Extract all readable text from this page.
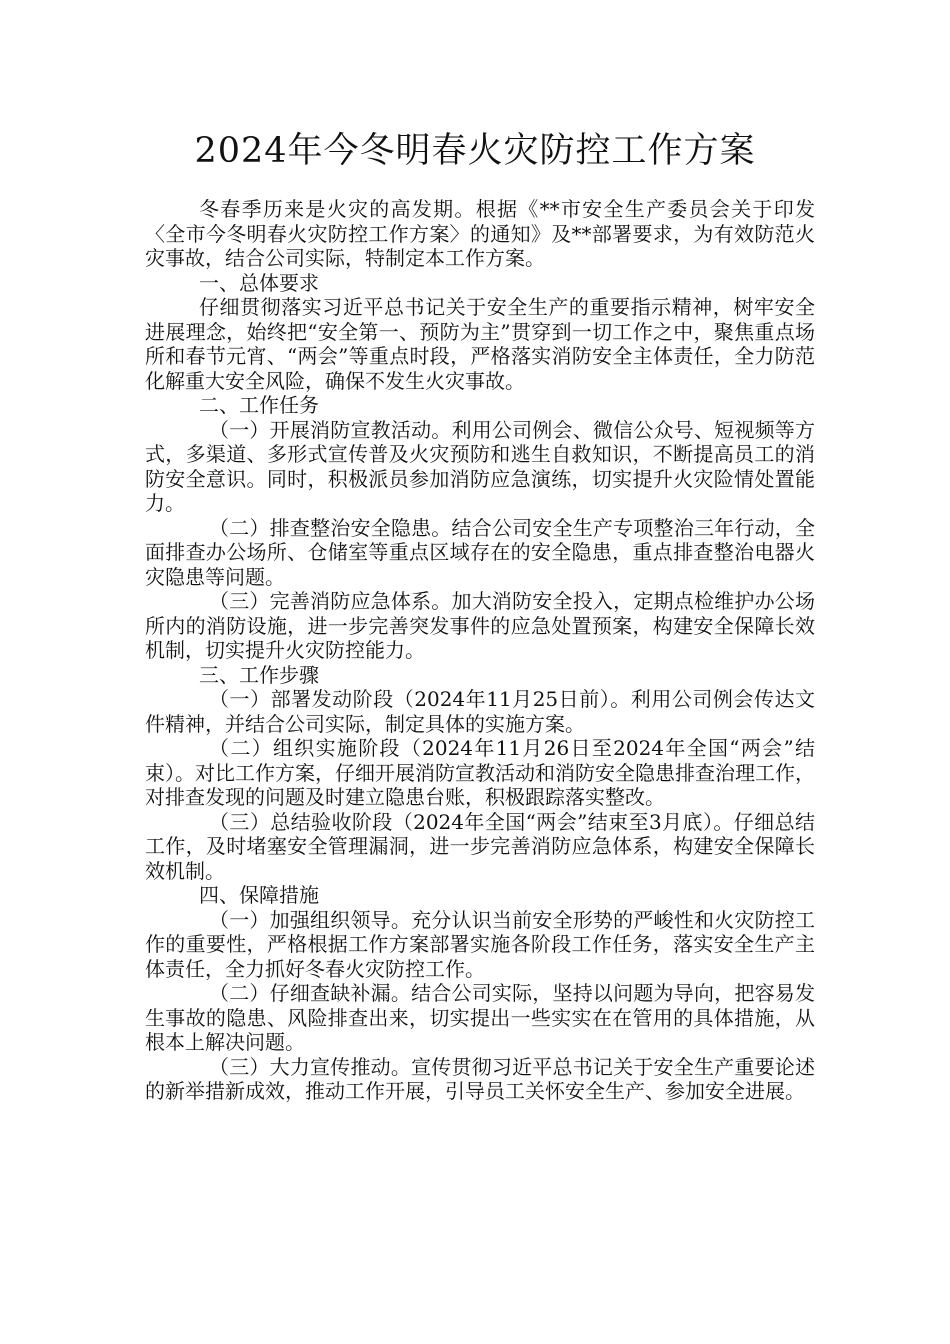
2024年今冬明春火灾防控工作方案

冬春季历来是火灾的高发期。根据《**市安全生产委员会关于印发〈全市今冬明春火灾防控工作方案〉的通知》及**部署要求，为有效防范火灾事故，结合公司实际，特制定本工作方案。

一、总体要求

仔细贯彻落实习近平总书记关于安全生产的重要指示精神，树牢安全进展理念，始终把“安全第一、预防为主”贯穿到一切工作之中，聚焦重点场所和春节元宵、“两会”等重点时段，严格落实消防安全主体责任，全力防范化解重大安全风险，确保不发生火灾事故。

二、工作任务

（一）开展消防宣教活动。利用公司例会、微信公众号、短视频等方式，多渠道、多形式宣传普及火灾预防和逃生自救知识，不断提高员工的消防安全意识。同时，积极派员参加消防应急演练，切实提升火灾险情处置能力。

（二）排查整治安全隐患。结合公司安全生产专项整治三年行动，全面排查办公场所、仓储室等重点区域存在的安全隐患，重点排查整治电器火灾隐患等问题。

（三）完善消防应急体系。加大消防安全投入，定期点检维护办公场所内的消防设施，进一步完善突发事件的应急处置预案，构建安全保障长效机制，切实提升火灾防控能力。

三、工作步骤

（一）部署发动阶段（2024年11月25日前）。利用公司例会传达文件精神，并结合公司实际，制定具体的实施方案。

（二）组织实施阶段（2024年11月26日至2024年全国“两会”结束）。对比工作方案，仔细开展消防宣教活动和消防安全隐患排查治理工作，对排查发现的问题及时建立隐患台账，积极跟踪落实整改。

（三）总结验收阶段（2024年全国“两会”结束至3月底）。仔细总结工作，及时堵塞安全管理漏洞，进一步完善消防应急体系，构建安全保障长效机制。

四、保障措施

（一）加强组织领导。充分认识当前安全形势的严峻性和火灾防控工作的重要性，严格根据工作方案部署实施各阶段工作任务，落实安全生产主体责任，全力抓好冬春火灾防控工作。

（二）仔细查缺补漏。结合公司实际，坚持以问题为导向，把容易发生事故的隐患、风险排查出来，切实提出一些实实在在管用的具体措施，从根本上解决问题。

（三）大力宣传推动。宣传贯彻习近平总书记关于安全生产重要论述的新举措新成效，推动工作开展，引导员工关怀安全生产、参加安全进展。
